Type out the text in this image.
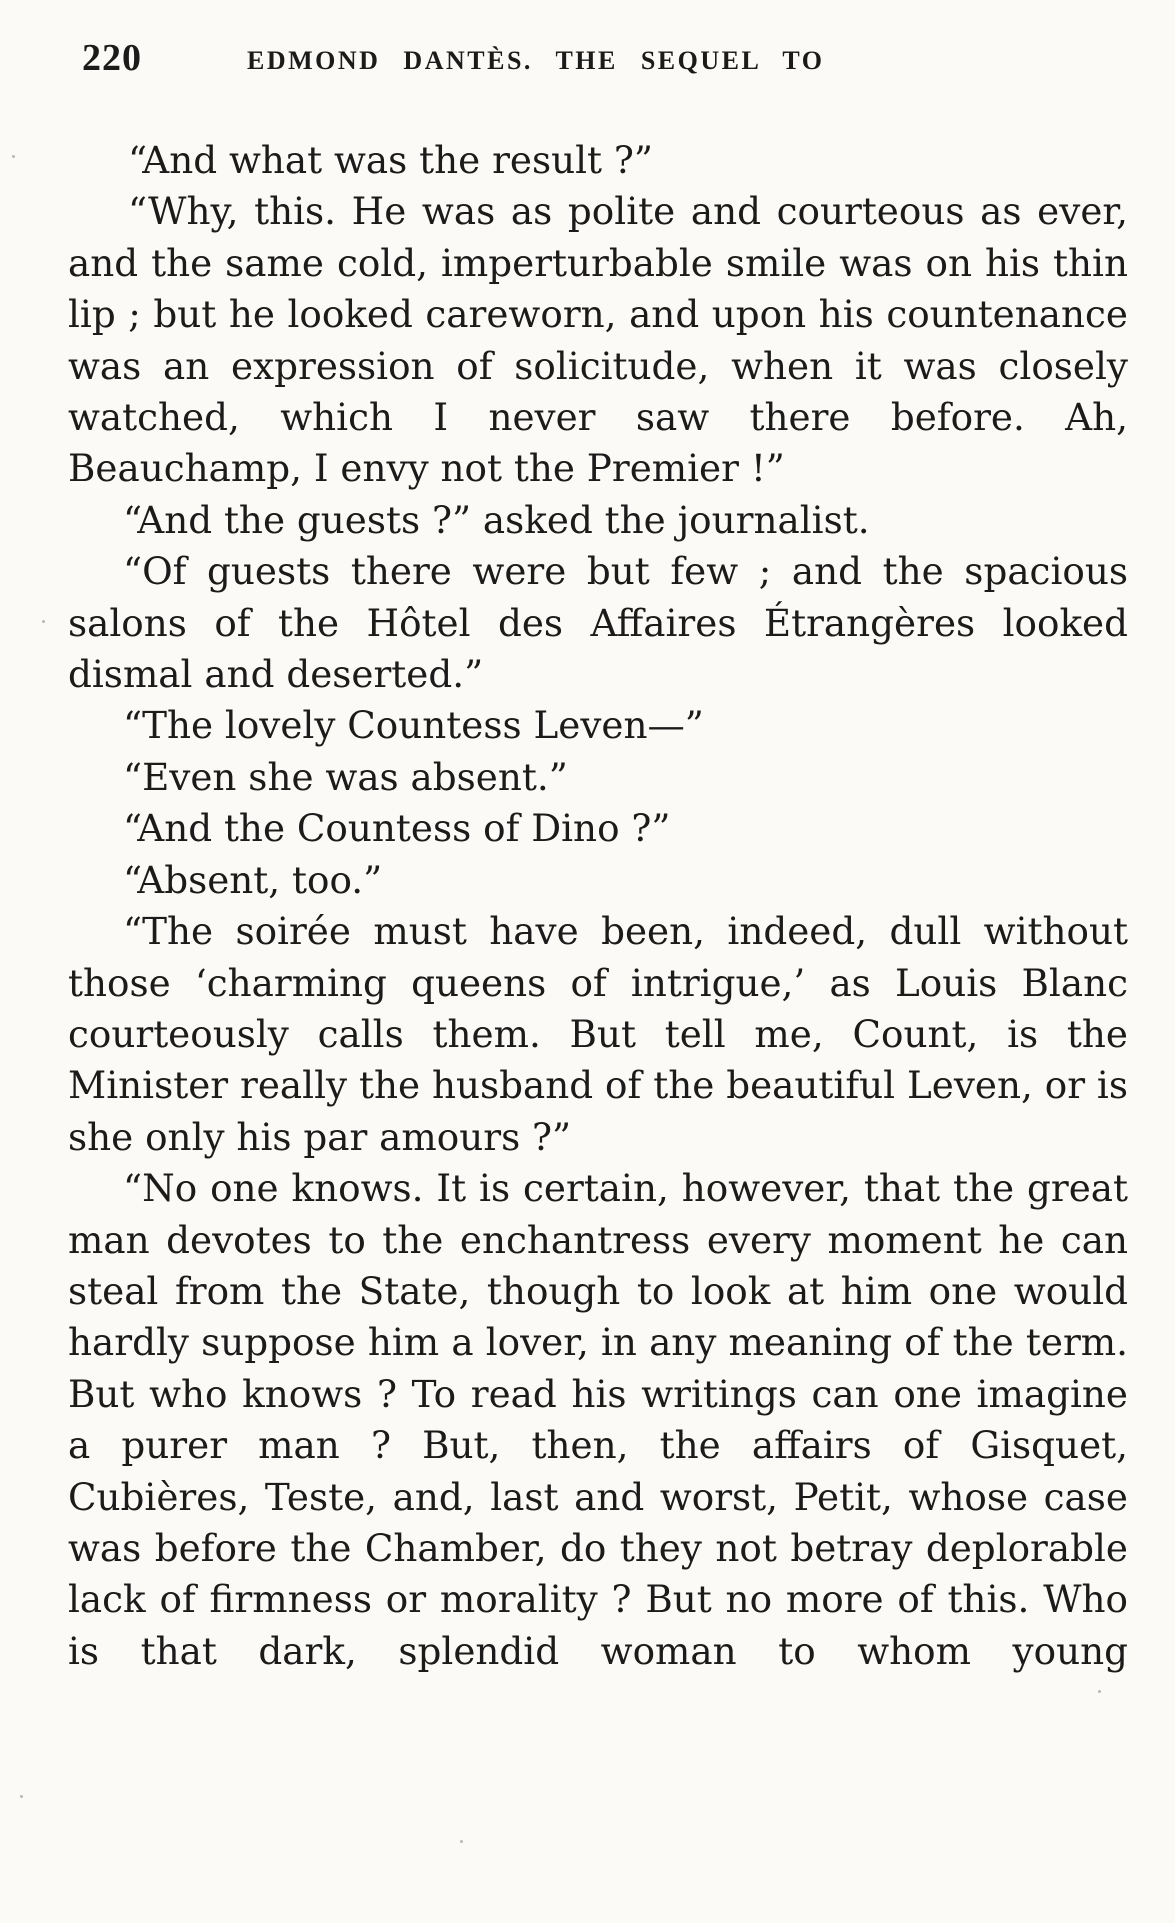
220	EDMOND DANTÈS. THE SEQUEL TO

“And what was the result ?”

“Why, this. He was as polite and courteous as ever, and the same cold, imperturbable smile was on his thin lip ; but he looked careworn, and upon his countenance was an expression of solicitude, when it was closely watched, which I never saw there before. Ah, Beauchamp, I envy not the Premier !”

“And the guests ?” asked the journalist.

“Of guests there were but few ; and the spacious salons of the Hôtel des Affaires Étrangères looked dismal and deserted.”

“The lovely Countess Leven—”

“Even she was absent.”

“And the Countess of Dino ?”

“Absent, too.”

“The soirée must have been, indeed, dull without those ‘charming queens of intrigue,’ as Louis Blanc courteously calls them. But tell me, Count, is the Minister really the husband of the beautiful Leven, or is she only his par amours ?”

“No one knows. It is certain, however, that the great man devotes to the enchantress every moment he can steal from the State, though to look at him one would hardly suppose him a lover, in any meaning of the term. But who knows ? To read his writings can one imagine a purer man ? But, then, the affairs of Gisquet, Cubières, Teste, and, last and worst, Petit, whose case was before the Chamber, do they not betray deplorable lack of firmness or morality ? But no more of this. Who is that dark, splendid woman to whom young
